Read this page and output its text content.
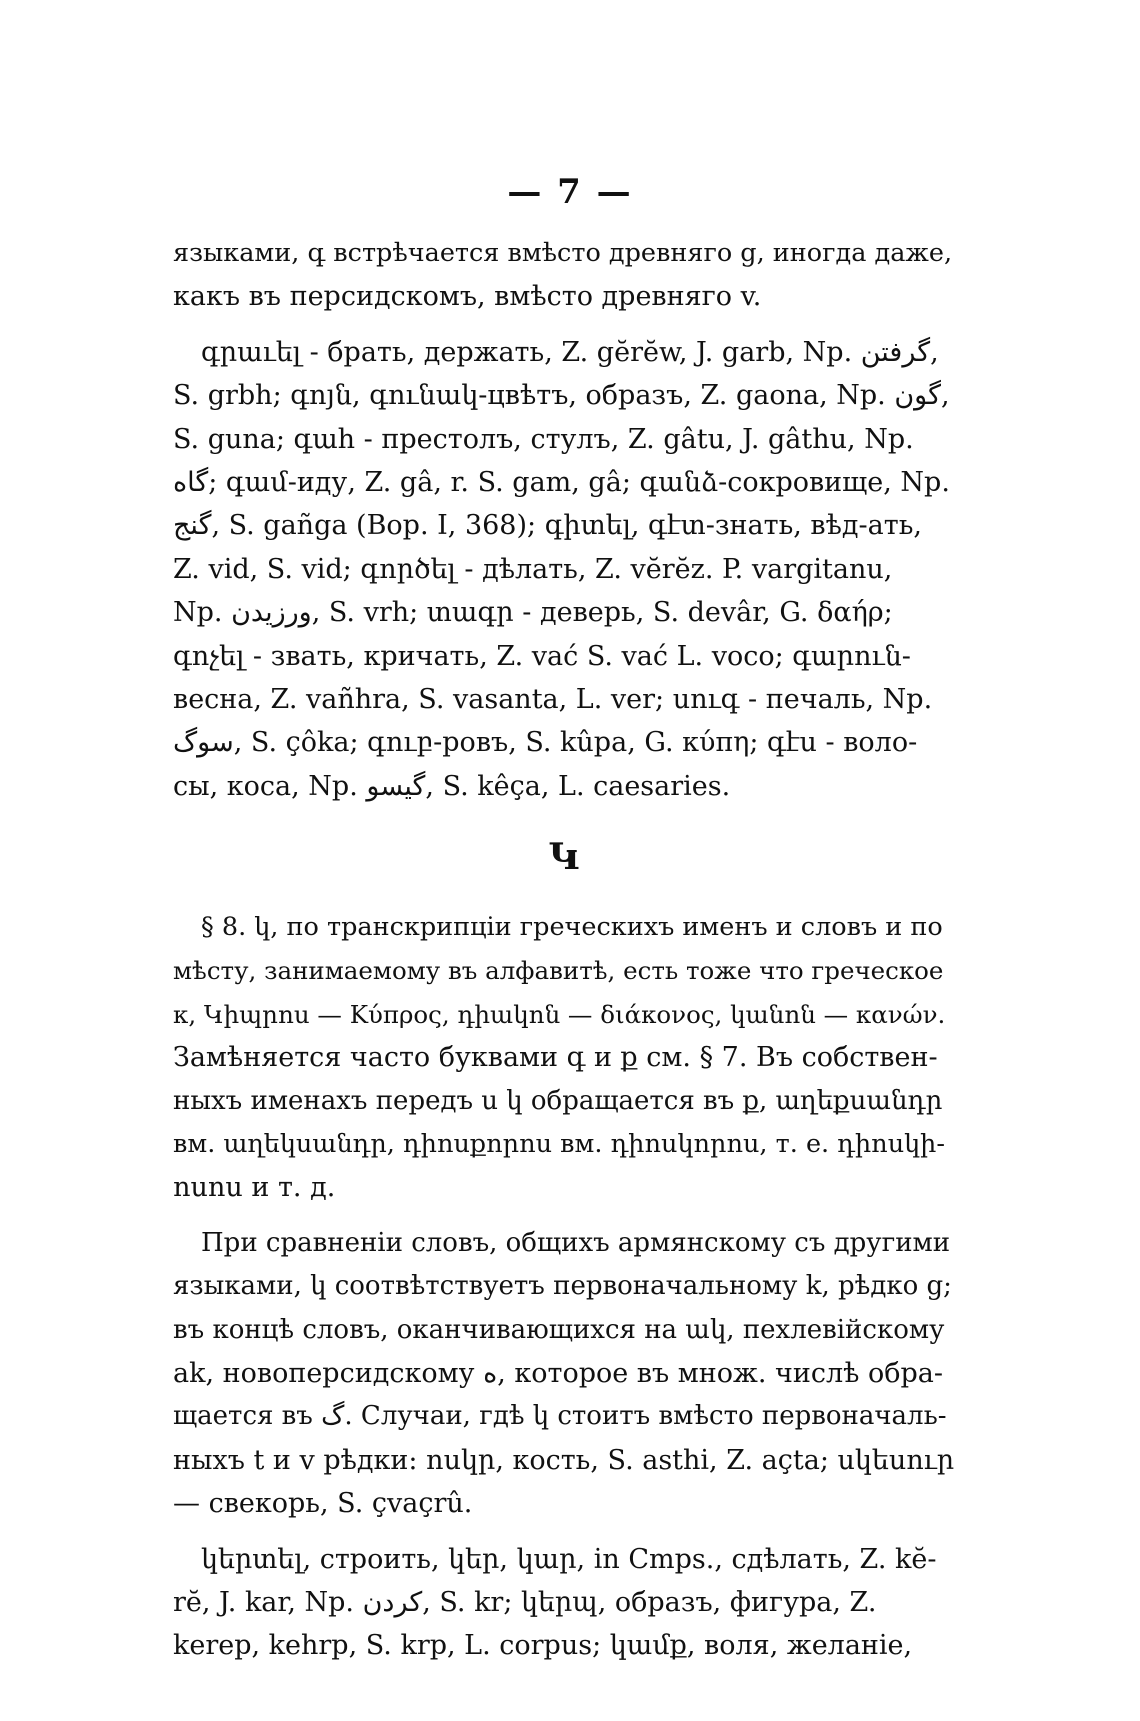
— 7 —
языками, գ встрѣчается вмѣсто древняго g, иногда даже,
какъ въ персидскомъ, вмѣсто древняго v.
գրաւել - брать, держать, Z. gĕrĕw, J. garb, Np. گرفتن,
S. grbh; գոյն, գունակ-цвѣтъ, образъ, Z. gaona, Np. گون,
S. guna; գահ - престолъ, стулъ, Z. gâtu, J. gâthu, Np.
گاه; գամ-иду, Z. gâ, r. S. gam, gâ; գանձ-сокровище, Np.
گنج, S. gañga (Вор. I, 368); գիտել, գէտ-знать, вѣд-ать,
Z. vid, S. vid; գործել - дѣлать, Z. vĕrĕz. P. vargitanu,
Np. ورزيدن, S. vrh; տագր - деверь, S. devâr, G. δαήρ;
գոչել - звать, кричать, Z. vać S. vać L. voco; գարուն-
весна, Z. vañhra, S. vasanta, L. ver; սուգ - печаль, Np.
سوگ, S. çôka; գուբ-ровъ, S. kûpa, G. κύπη; գէս - воло-
сы, коса, Np. گيسو, S. kêça, L. caesaries.
Կ
§ 8. կ, по транскрипціи греческихъ именъ и словъ и по
мѣсту, занимаемому въ алфавитѣ, есть тоже что греческое
κ, Կիպրոս — Κύπρος, դիակոն — διάκονος, կանոն — κανών.
Замѣняется часто буквами գ и ք см. § 7. Въ собствен-
ныхъ именахъ передъ ս կ обращается въ ք, աղեքսանդր
вм. աղեկսանդր, դիոսքորոս вм. դիոսկորոս, т. е. դիոսկի-
ոսոս и т. д.
При сравненіи словъ, общихъ армянскому съ другими
языками, կ соотвѣтствуетъ первоначальному k, рѣдко g;
въ концѣ словъ, оканчивающихся на ակ, пехлевійскому
ak, новоперсидскому ه, которое въ множ. числѣ обра-
щается въ گ. Случаи, гдѣ կ стоитъ вмѣсто первоначаль-
ныхъ t и v рѣдки: ոսկր, кость, S. asthi, Z. açta; սկեսուր
— свекорь, S. çvaçrû.
կերտել, строить, կեր, կար, in Cmps., сдѣлать, Z. kĕ-
rĕ, J. kar, Np. كردن, S. kr; կերպ, образъ, фигура, Z.
kerep, kehrp, S. krp, L. corpus; կամք, воля, желаніе,
